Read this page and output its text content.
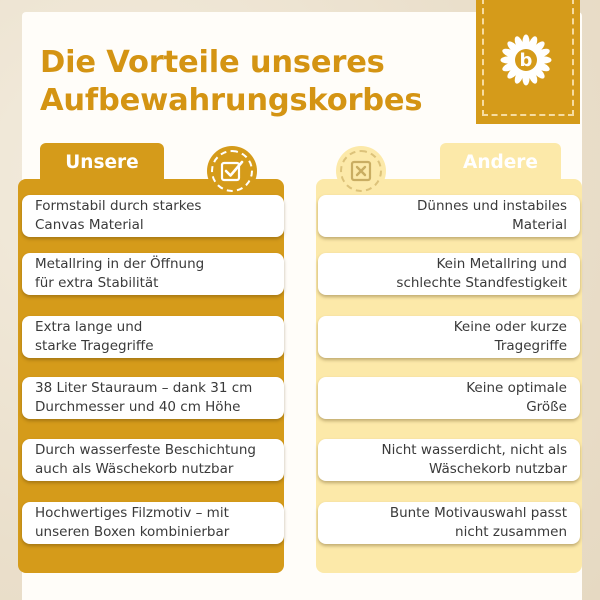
Die Vorteile unseres
Aufbewahrungskorbes
b
Unsere	Andere
Formstabil durch starkes
Canvas Material
Metallring in der Öffnung
für extra Stabilität
Extra lange und
starke Tragegriffe
38 Liter Stauraum – dank 31 cm
Durchmesser und 40 cm Höhe
Durch wasserfeste Beschichtung
auch als Wäschekorb nutzbar
Hochwertiges Filzmotiv – mit
unseren Boxen kombinierbar
Dünnes und instabiles
Material
Kein Metallring und
schlechte Standfestigkeit
Keine oder kurze
Tragegriffe
Keine optimale
Größe
Nicht wasserdicht, nicht als
Wäschekorb nutzbar
Bunte Motivauswahl passt
nicht zusammen
